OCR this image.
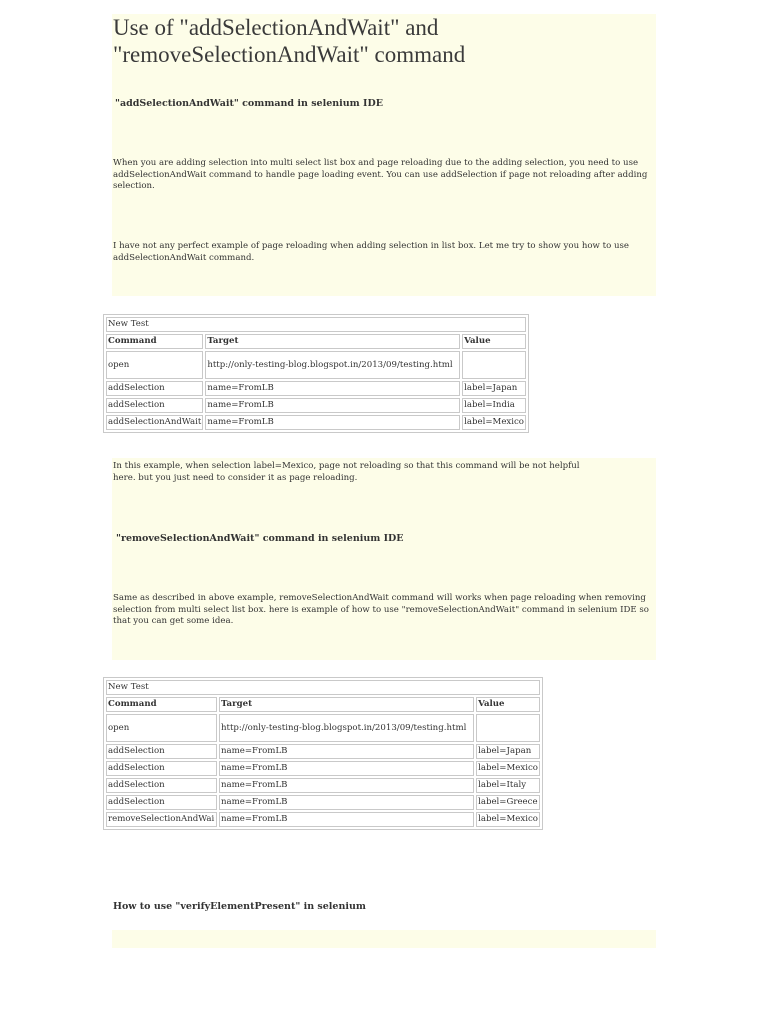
Use of "addSelectionAndWait" and "removeSelectionAndWait" command
"addSelectionAndWait" command in selenium IDE

When you are adding selection into multi select list box and page reloading due to the adding selection, you need to use addSelectionAndWait command to handle page loading event. You can use addSelection if page not reloading after adding selection.

I have not any perfect example of page reloading when adding selection in list box. Let me try to show you how to use addSelectionAndWait command.

New Test		
Command	Target	Value
open	http://only-testing-blog.blogspot.in/2013/09/testing.html	
addSelection	name=FromLB	label=Japan
addSelection	name=FromLB	label=India
addSelectionAndWait	name=FromLB	label=Mexico

In this example, when selection label=Mexico, page not reloading so that this command will be not helpful here. but you just need to consider it as page reloading.

"removeSelectionAndWait" command in selenium IDE

Same as described in above example, removeSelectionAndWait command will works when page reloading when removing selection from multi select list box. here is example of how to use "removeSelectionAndWait" command in selenium IDE so that you can get some idea.

New Test		
Command	Target	Value
open	http://only-testing-blog.blogspot.in/2013/09/testing.html	
addSelection	name=FromLB	label=Japan
addSelection	name=FromLB	label=Mexico
addSelection	name=FromLB	label=Italy
addSelection	name=FromLB	label=Greece
removeSelectionAndWai	name=FromLB	label=Mexico
How to use "verifyElementPresent" in selenium
